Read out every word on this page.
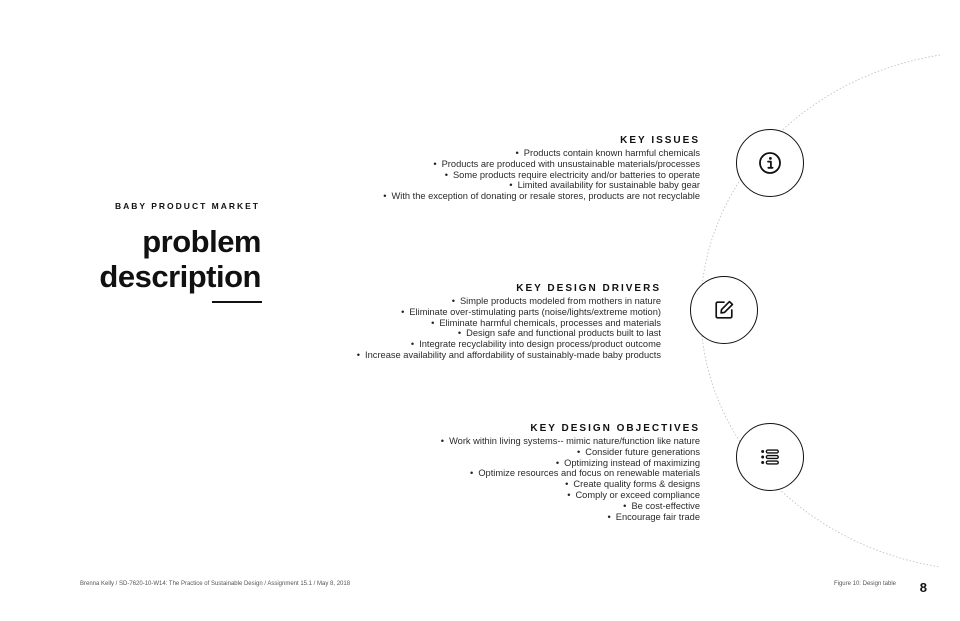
BABY PRODUCT MARKET
problem
description
KEY ISSUES
• Products contain known harmful chemicals
• Products are produced with unsustainable materials/processes
• Some products require electricity and/or batteries to operate
• Limited availability for sustainable baby gear
• With the exception of donating or resale stores, products are not recyclable
KEY DESIGN DRIVERS
• Simple products modeled from mothers in nature
• Eliminate over-stimulating parts (noise/lights/extreme motion)
• Eliminate harmful chemicals, processes and materials
• Design safe and functional products built to last
• Integrate recyclability into design process/product outcome
• Increase availability and affordability of sustainably-made baby products
KEY DESIGN OBJECTIVES
• Work within living systems-- mimic nature/function like nature
• Consider future generations
• Optimizing instead of maximizing
• Optimize resources and focus on renewable materials
• Create quality forms & designs
• Comply or exceed compliance
• Be cost-effective
• Encourage fair trade
Brenna Kelly / SD-7620-10-W14: The Practice of Sustainable Design / Assignment 15.1 / May 8, 2018	Figure 10: Design table 8
